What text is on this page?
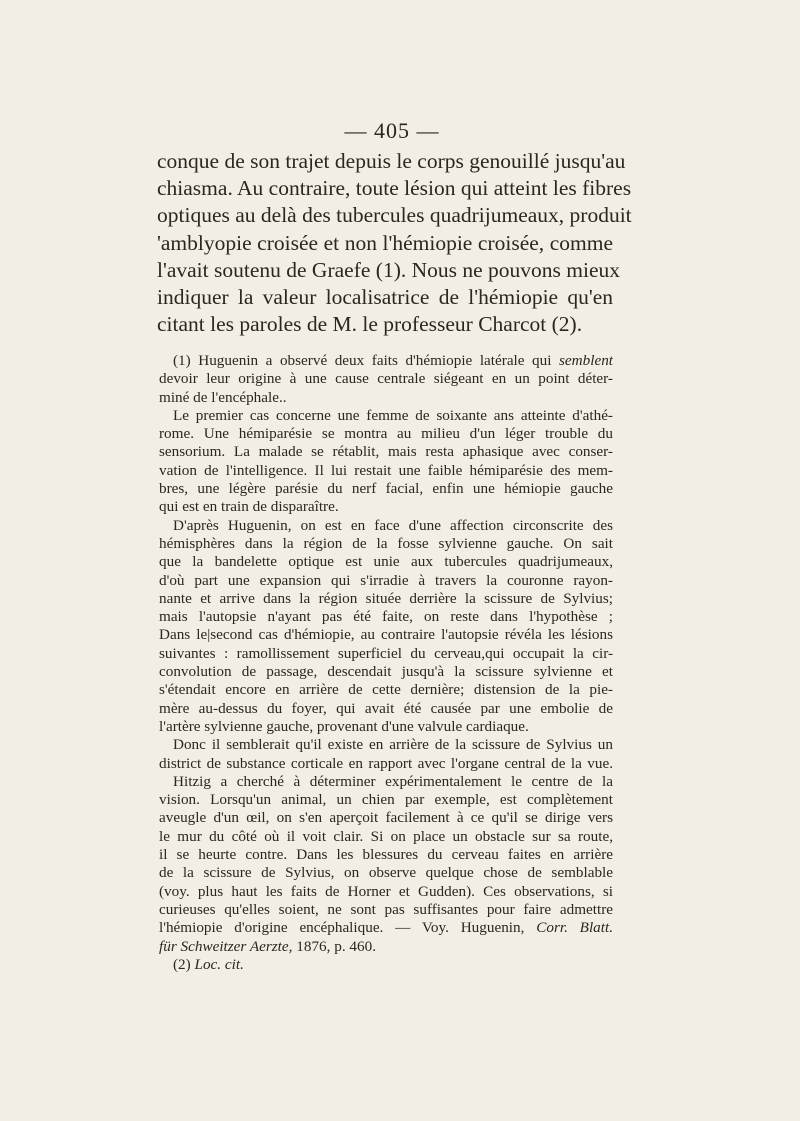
— 405 —
conque de son trajet depuis le corps genouillé jusqu'au
chiasma. Au contraire, toute lésion qui atteint les fibres
optiques au delà des tubercules quadrijumeaux, produit
'amblyopie croisée et non l'hémiopie croisée, comme
l'avait soutenu de Graefe (1). Nous ne pouvons mieux
indiquer la valeur localisatrice de l'hémiopie qu'en
citant les paroles de M. le professeur Charcot (2).
(1) Huguenin a observé deux faits d'hémiopie latérale qui semblent
devoir leur origine à une cause centrale siégeant en un point déter-
miné de l'encéphale..
Le premier cas concerne une femme de soixante ans atteinte d'athé-
rome. Une hémiparésie se montra au milieu d'un léger trouble du
sensorium. La malade se rétablit, mais resta aphasique avec conser-
vation de l'intelligence. Il lui restait une faible hémiparésie des mem-
bres, une légère parésie du nerf facial, enfin une hémiopie gauche
qui est en train de disparaître.
D'après Huguenin, on est en face d'une affection circonscrite des
hémisphères dans la région de la fosse sylvienne gauche. On sait
que la bandelette optique est unie aux tubercules quadrijumeaux,
d'où part une expansion qui s'irradie à travers la couronne rayon-
nante et arrive dans la région située derrière la scissure de Sylvius;
mais l'autopsie n'ayant pas été faite, on reste dans l'hypothèse ;
Dans le|second cas d'hémiopie, au contraire l'autopsie révéla les lésions
suivantes : ramollissement superficiel du cerveau,qui occupait la cir-
convolution de passage, descendait jusqu'à la scissure sylvienne et
s'étendait encore en arrière de cette dernière; distension de la pie-
mère au-dessus du foyer, qui avait été causée par une embolie de
l'artère sylvienne gauche, provenant d'une valvule cardiaque.
Donc il semblerait qu'il existe en arrière de la scissure de Sylvius un
district de substance corticale en rapport avec l'organe central de la vue.
Hitzig a cherché à déterminer expérimentalement le centre de la
vision. Lorsqu'un animal, un chien par exemple, est complètement
aveugle d'un œil, on s'en aperçoit facilement à ce qu'il se dirige vers
le mur du côté où il voit clair. Si on place un obstacle sur sa route,
il se heurte contre. Dans les blessures du cerveau faites en arrière
de la scissure de Sylvius, on observe quelque chose de semblable
(voy. plus haut les faits de Horner et Gudden). Ces observations, si
curieuses qu'elles soient, ne sont pas suffisantes pour faire admettre
l'hémiopie d'origine encéphalique. — Voy. Huguenin, Corr. Blatt.
für Schweitzer Aerzte, 1876, p. 460.
(2) Loc. cit.
